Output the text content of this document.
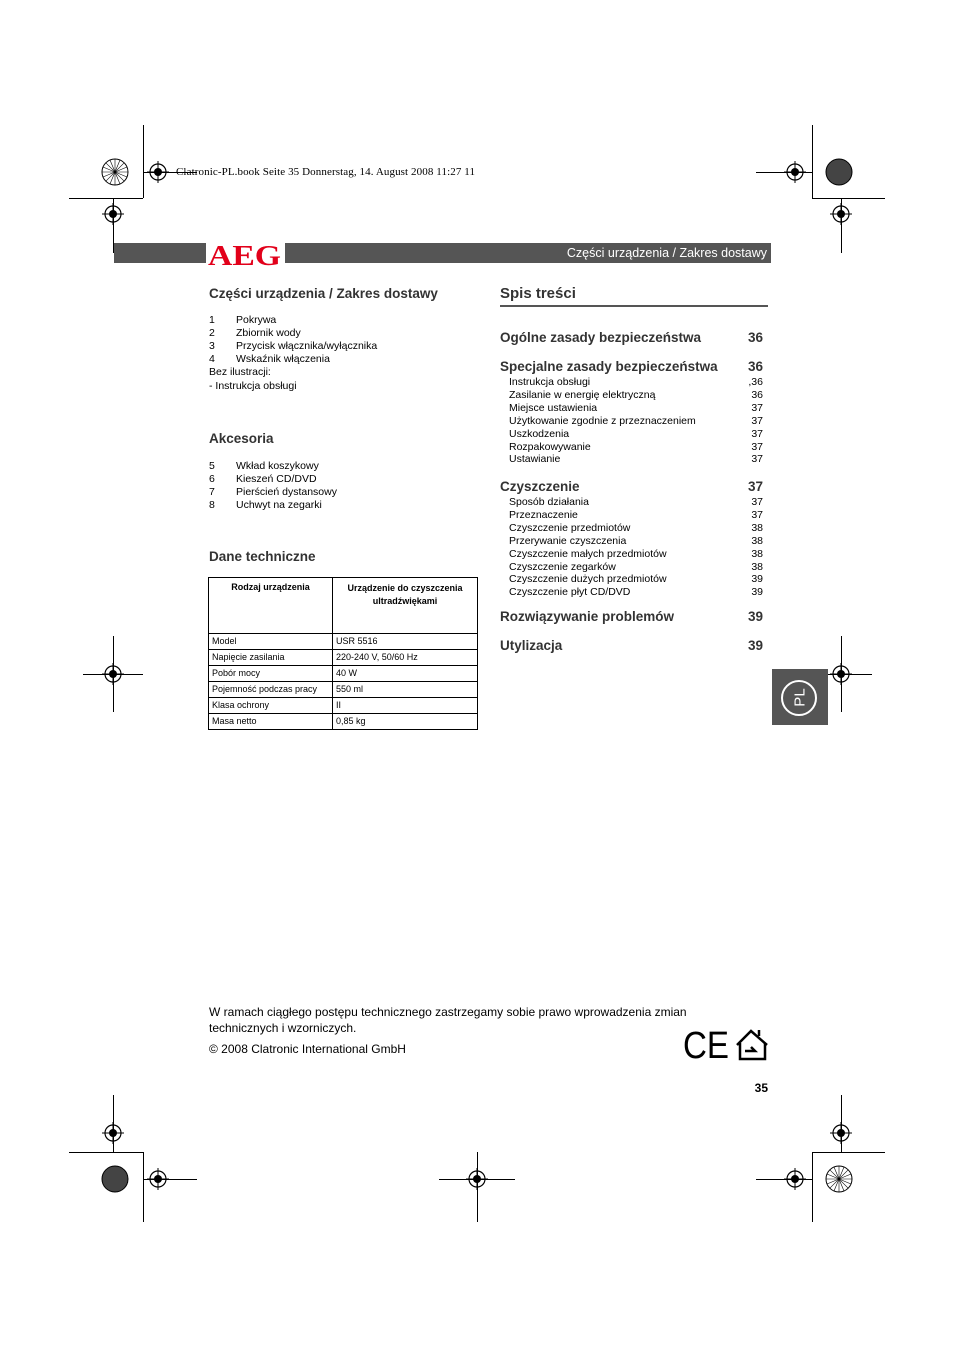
Clatronic-PL.book Seite 35 Donnerstag, 14. August 2008 11:27 11
Części urządzenia / Zakres dostawy
AEG
Części urządzenia / Zakres dostawy
1	Pokrywa
2	Zbiornik wody
3	Przycisk włącznika/wyłącznika
4	Wskaźnik włączenia
Bez ilustracji:
- Instrukcja obsługi
Akcesoria
5	Wkład koszykowy
6	Kieszeń CD/DVD
7	Pierścień dystansowy
8	Uchwyt na zegarki
Dane techniczne
Rodzaj urządzenia	Urządzenie do czyszczenia ultradźwiękami
Model	USR 5516
Napięcie zasilania	220-240 V, 50/60 Hz
Pobór mocy	40 W
Pojemność podczas pracy	550 ml
Klasa ochrony	II
Masa netto	0,85 kg
Spis treści
Ogólne zasady bezpieczeństwa	36
Specjalne zasady bezpieczeństwa 36
Instrukcja obsługi	,36
Zasilanie w energię elektryczną	36
Miejsce ustawienia	37
Użytkowanie zgodnie z przeznaczeniem	37
Uszkodzenia	37
Rozpakowywanie	37
Ustawianie	37
Czyszczenie	37
Sposób działania	37
Przeznaczenie	37
Czyszczenie przedmiotów	38
Przerywanie czyszczenia	38
Czyszczenie małych przedmiotów	38
Czyszczenie zegarków	38
Czyszczenie dużych przedmiotów	39
Czyszczenie płyt CD/DVD	39
Rozwiązywanie problemów	39
Utylizacja	39
PL
W ramach ciągłego postępu technicznego zastrzegamy sobie prawo wprowadzenia zmian
technicznych i wzorniczych.
© 2008 Clatronic International GmbH	CE
35
